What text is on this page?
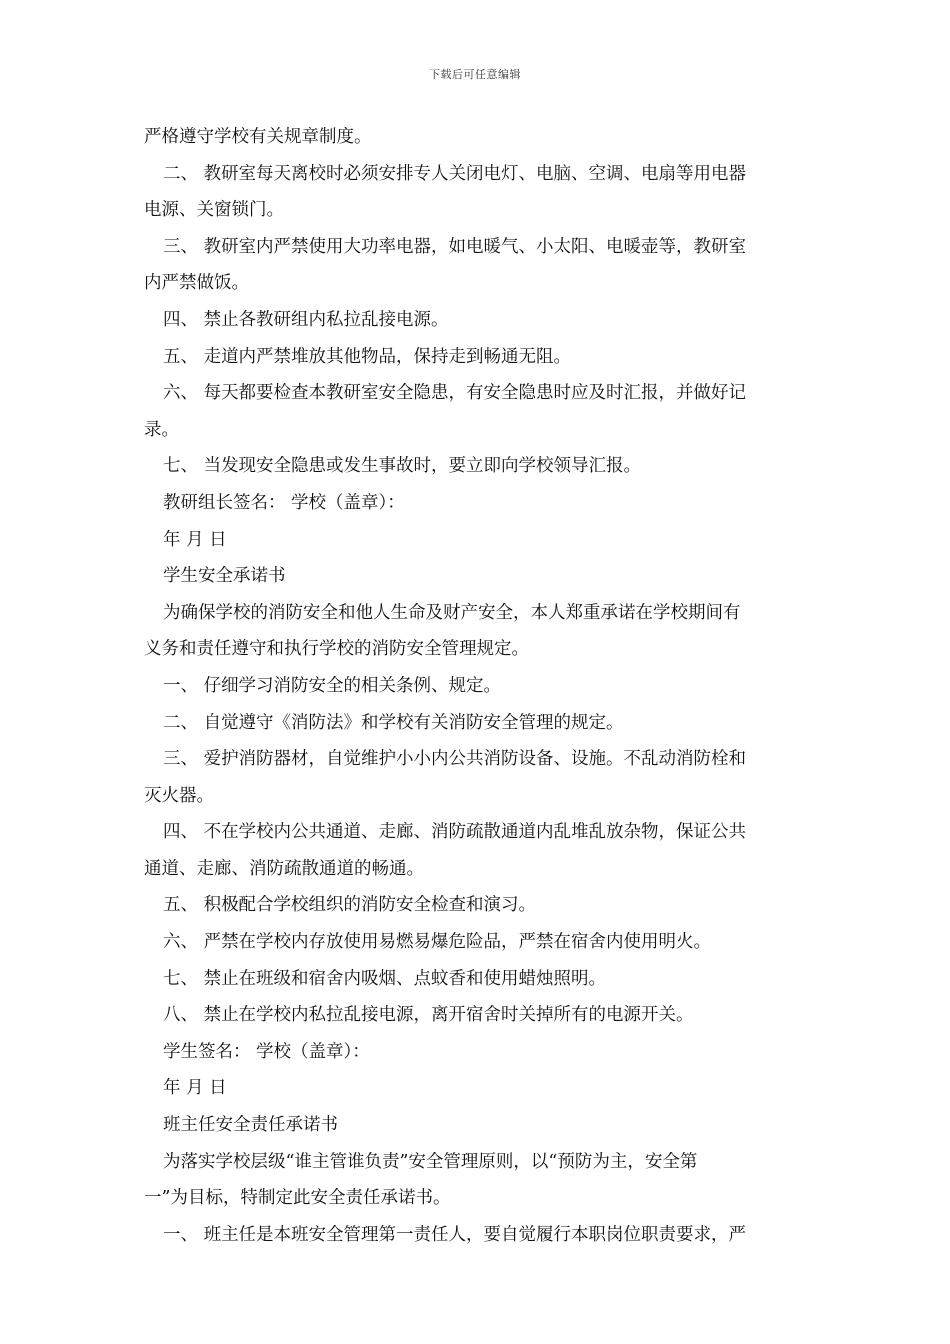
下载后可任意编辑
严格遵守学校有关规章制度。
二、 教研室每天离校时必须安排专人关闭电灯、电脑、空调、电扇等用电器
电源、关窗锁门。
三、 教研室内严禁使用大功率电器，如电暖气、小太阳、电暖壶等，教研室
内严禁做饭。
四、 禁止各教研组内私拉乱接电源。
五、 走道内严禁堆放其他物品，保持走到畅通无阻。
六、 每天都要检查本教研室安全隐患，有安全隐患时应及时汇报，并做好记
录。
七、 当发现安全隐患或发生事故时，要立即向学校领导汇报。
教研组长签名： 学校（盖章）：
年 月 日
学生安全承诺书
为确保学校的消防安全和他人生命及财产安全，本人郑重承诺在学校期间有
义务和责任遵守和执行学校的消防安全管理规定。
一、 仔细学习消防安全的相关条例、规定。
二、 自觉遵守《消防法》和学校有关消防安全管理的规定。
三、 爱护消防器材，自觉维护小小内公共消防设备、设施。不乱动消防栓和
灭火器。
四、 不在学校内公共通道、走廊、消防疏散通道内乱堆乱放杂物，保证公共
通道、走廊、消防疏散通道的畅通。
五、 积极配合学校组织的消防安全检查和演习。
六、 严禁在学校内存放使用易燃易爆危险品，严禁在宿舍内使用明火。
七、 禁止在班级和宿舍内吸烟、点蚊香和使用蜡烛照明。
八、 禁止在学校内私拉乱接电源，离开宿舍时关掉所有的电源开关。
学生签名： 学校（盖章）：
年 月 日
班主任安全责任承诺书
为落实学校层级“谁主管谁负责”安全管理原则，以“预防为主，安全第
一”为目标，特制定此安全责任承诺书。
一、 班主任是本班安全管理第一责任人，要自觉履行本职岗位职责要求，严
